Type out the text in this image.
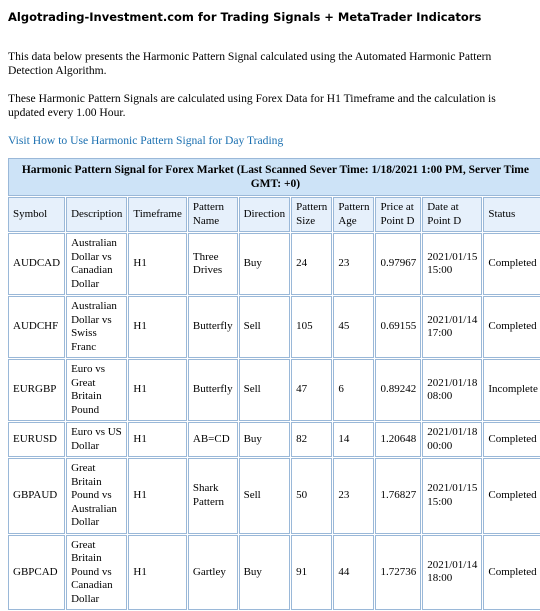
Algotrading-Investment.com for Trading Signals + MetaTrader Indicators

This data below presents the Harmonic Pattern Signal calculated using the Automated Harmonic Pattern Detection Algorithm.

These Harmonic Pattern Signals are calculated using Forex Data for H1 Timeframe and the calculation is updated every 1.00 Hour.

Visit How to Use Harmonic Pattern Signal for Day Trading
Harmonic Pattern Signal for Forex Market (Last Scanned Sever Time: 1/18/2021 1:00 PM, Server Time GMT: +0)									
Symbol	Description	Timeframe	Pattern Name	Direction	Pattern Size	Pattern Age	Price at Point D	Date at Point D	Status
AUDCAD	Australian Dollar vs Canadian Dollar	H1	Three Drives	Buy	24	23	0.97967	2021/01/15 15:00	Completed
AUDCHF	Australian Dollar vs Swiss Franc	H1	Butterfly	Sell	105	45	0.69155	2021/01/14 17:00	Completed
EURGBP	Euro vs Great Britain Pound	H1	Butterfly	Sell	47	6	0.89242	2021/01/18 08:00	Incomplete
EURUSD	Euro vs US Dollar	H1	AB=CD	Buy	82	14	1.20648	2021/01/18 00:00	Completed
GBPAUD	Great Britain Pound vs Australian Dollar	H1	Shark Pattern	Sell	50	23	1.76827	2021/01/15 15:00	Completed
GBPCAD	Great Britain Pound vs Canadian Dollar	H1	Gartley	Buy	91	44	1.72736	2021/01/14 18:00	Completed
